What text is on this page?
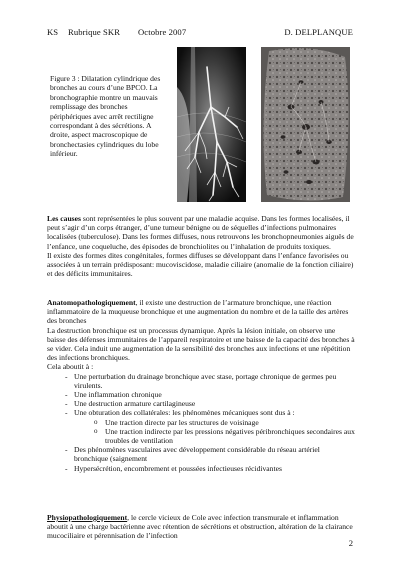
KS Rubrique SKR Octobre 2007	D. DELPLANQUE
Figure 3 : Dilatation cylindrique des bronches au cours d’une BPCO. La bronchographie montre un mauvais remplissage des bronches périphériques avec arrêt rectiligne correspondant à des sécrétions. A droite, aspect macroscopique de bronchectasies cylindriques du lobe inférieur.

Les causes sont représentées le plus souvent par une maladie acquise. Dans les formes localisées, il peut s’agir d’un corps étranger, d’une tumeur bénigne ou de séquelles d’infections pulmonaires localisées (tuberculose). Dans les formes diffuses, nous retrouvons les bronchopneumonies aiguës de l’enfance, une coqueluche, des épisodes de bronchiolites ou l’inhalation de produits toxiques.

Il existe des formes dites congénitales, formes diffuses se développant dans l’enfance favorisées ou associées à un terrain prédisposant: mucoviscidose, maladie ciliaire (anomalie de la fonction ciliaire) et des déficits immunitaires.

Anatomopathologiquement, il existe une destruction de l’armature bronchique, une réaction inflammatoire de la muqueuse bronchique et une augmentation du nombre et de la taille des artères des bronches

La destruction bronchique est un processus dynamique. Après la lésion initiale, on observe une baisse des défenses immunitaires de l’appareil respiratoire et une baisse de la capacité des bronches à se vider. Cela induit une augmentation de la sensibilité des bronches aux infections et une répétition des infections bronchiques.

Cela aboutit à :

- Une perturbation du drainage bronchique avec stase, portage chronique de germes peu virulents.
- Une inflammation chronique
- Une destruction armature cartilagineuse
- Une obturation des collatérales: les phénomènes mécaniques sont dus à :
o Une traction directe par les structures de voisinage
o Une traction indirecte par les pressions négatives péribronchiques secondaires aux troubles de ventilation
- Des phénomènes vasculaires avec développement considérable du réseau artériel bronchique (saignement
- Hypersécrétion, encombrement et poussées infectieuses récidivantes

Physiopathologiquement, le cercle vicieux de Cole avec infection transmurale et inflammation aboutit à une charge bactérienne avec rétention de sécrétions et obstruction, altération de la clairance mucociliaire et pérennisation de l’infection

2
